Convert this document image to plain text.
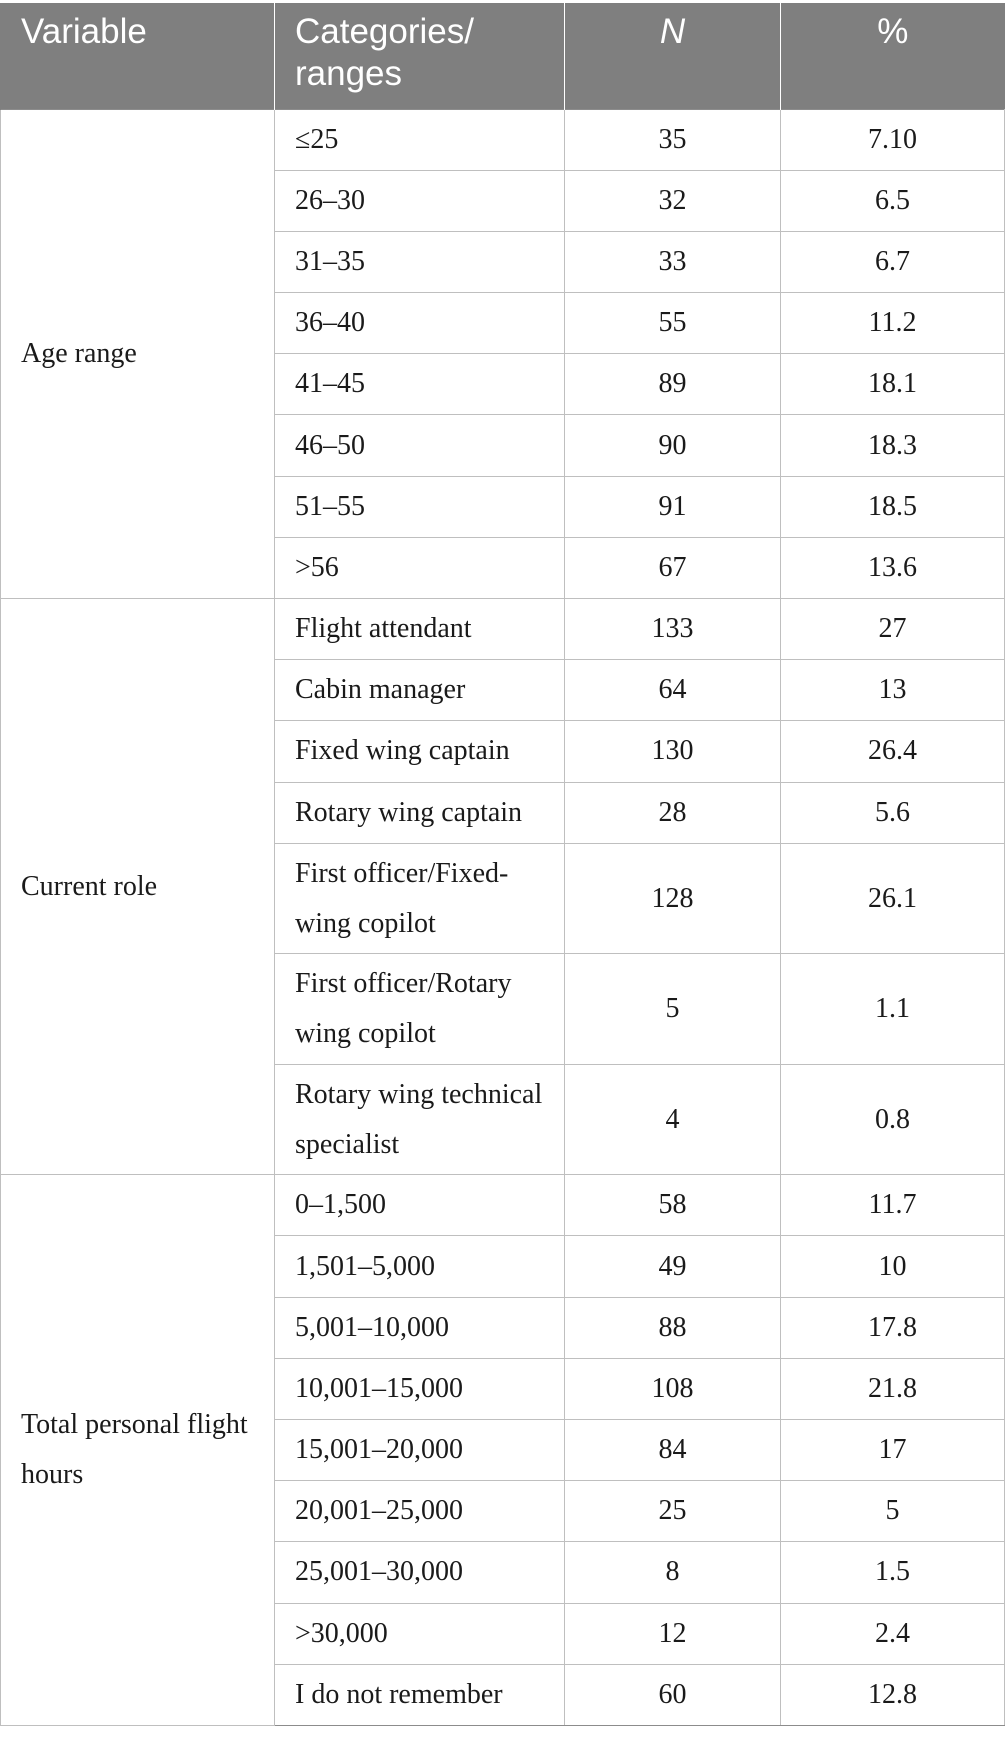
Variable	Categories/ ranges	N	%
Age range	≤25	35	7.10
	26–30	32	6.5
	31–35	33	6.7
	36–40	55	11.2
	41–45	89	18.1
	46–50	90	18.3
	51–55	91	18.5
	>56	67	13.6
Current role	Flight attendant	133	27
	Cabin manager	64	13
	Fixed wing captain	130	26.4
	Rotary wing captain	28	5.6
	First officer/Fixed-wing copilot	128	26.1
	First officer/Rotary wing copilot	5	1.1
	Rotary wing technical specialist	4	0.8
Total personal flight hours	0–1,500	58	11.7
	1,501–5,000	49	10
	5,001–10,000	88	17.8
	10,001–15,000	108	21.8
	15,001–20,000	84	17
	20,001–25,000	25	5
	25,001–30,000	8	1.5
	>30,000	12	2.4
	I do not remember	60	12.8
